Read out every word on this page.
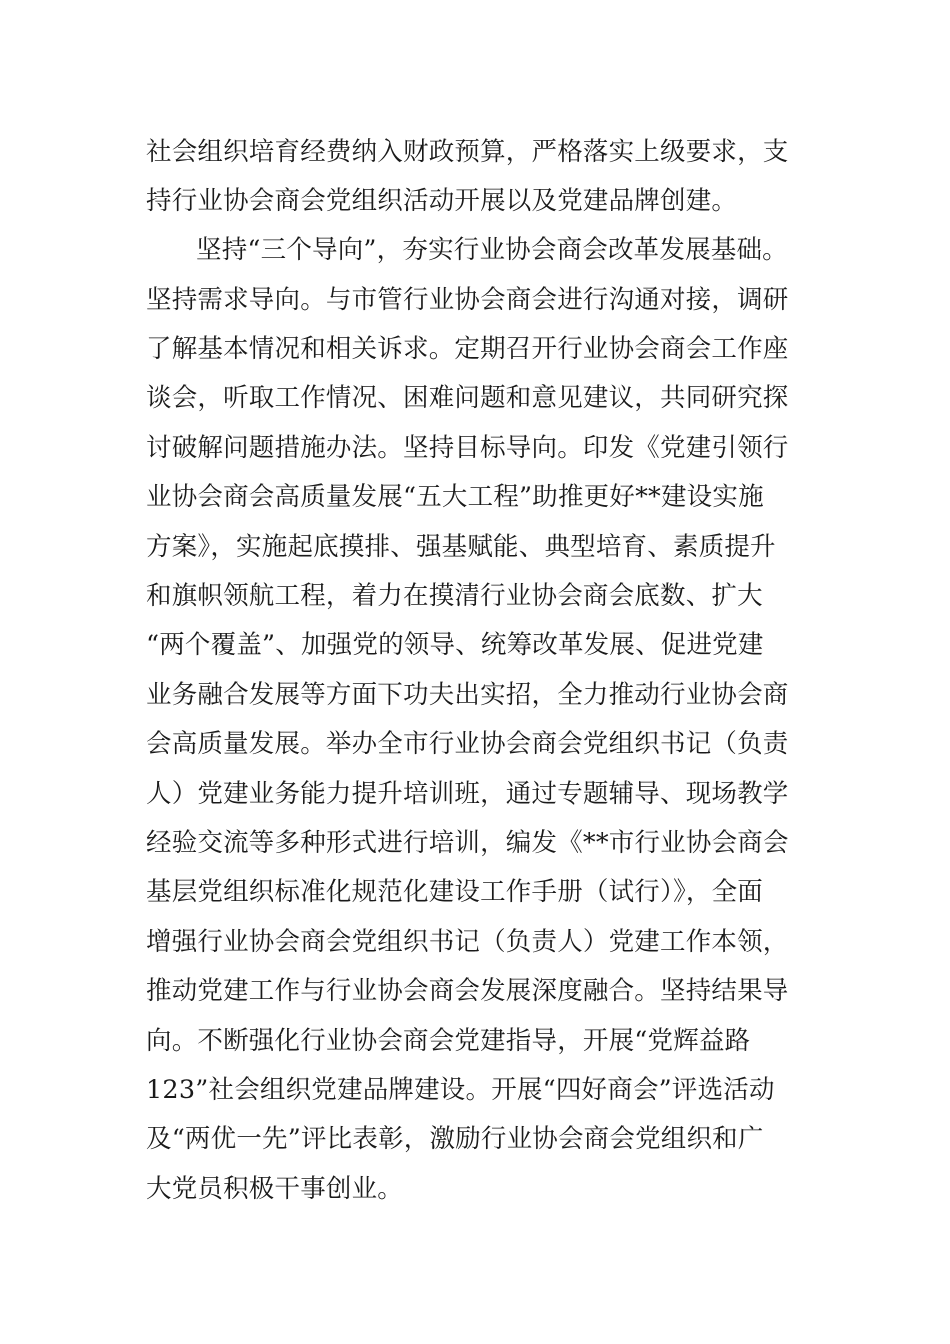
社会组织培育经费纳入财政预算，严格落实上级要求，支
持行业协会商会党组织活动开展以及党建品牌创建。
坚持“三个导向”，夯实行业协会商会改革发展基础。
坚持需求导向。与市管行业协会商会进行沟通对接，调研
了解基本情况和相关诉求。定期召开行业协会商会工作座
谈会，听取工作情况、困难问题和意见建议，共同研究探
讨破解问题措施办法。坚持目标导向。印发《党建引领行
业协会商会高质量发展“五大工程”助推更好**建设实施
方案》，实施起底摸排、强基赋能、典型培育、素质提升
和旗帜领航工程，着力在摸清行业协会商会底数、扩大
“两个覆盖”、加强党的领导、统筹改革发展、促进党建
业务融合发展等方面下功夫出实招，全力推动行业协会商
会高质量发展。举办全市行业协会商会党组织书记（负责
人）党建业务能力提升培训班，通过专题辅导、现场教学
经验交流等多种形式进行培训，编发《**市行业协会商会
基层党组织标准化规范化建设工作手册（试行）》，全面
增强行业协会商会党组织书记（负责人）党建工作本领，
推动党建工作与行业协会商会发展深度融合。坚持结果导
向。不断强化行业协会商会党建指导，开展“党辉益路
123”社会组织党建品牌建设。开展“四好商会”评选活动
及“两优一先”评比表彰，激励行业协会商会党组织和广
大党员积极干事创业。
